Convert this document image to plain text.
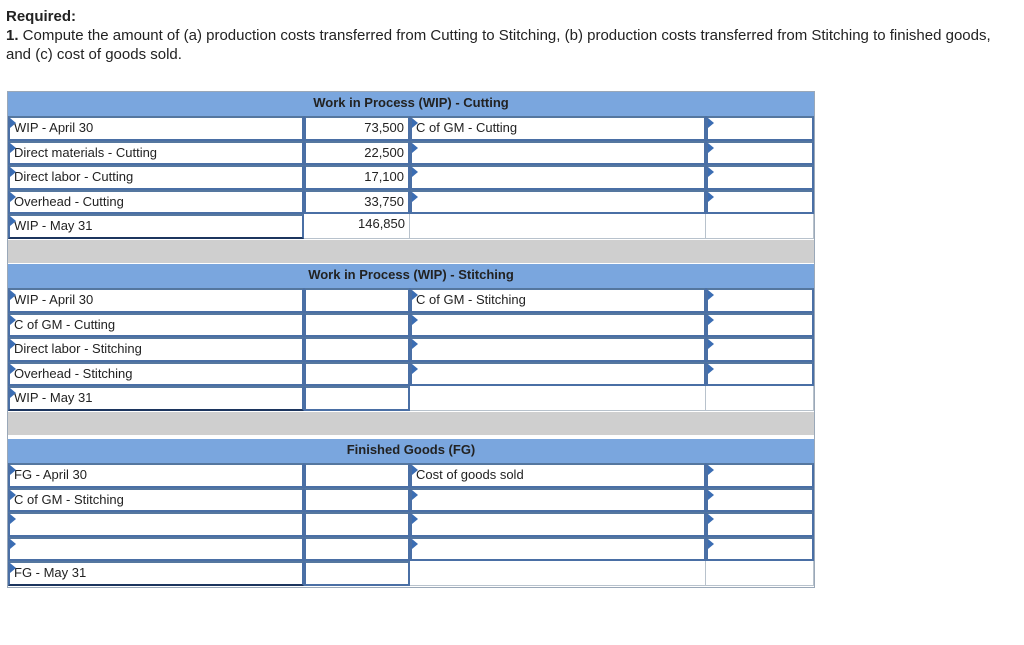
Required:
1. Compute the amount of (a) production costs transferred from Cutting to Stitching, (b) production costs transferred from Stitching to finished goods, and (c) cost of goods sold.
Work in Process (WIP) - Cutting
WIP - April 30	73,500 C of GM - Cutting
Direct materials - Cutting	22,500
Direct labor - Cutting	17,100
Overhead - Cutting	33,750
WIP - May 31	146,850
Work in Process (WIP) - Stitching
WIP - April 30	C of GM - Stitching
C of GM - Cutting
Direct labor - Stitching
Overhead - Stitching
WIP - May 31
Finished Goods (FG)
FG - April 30	Cost of goods sold
C of GM - Stitching
FG - May 31
